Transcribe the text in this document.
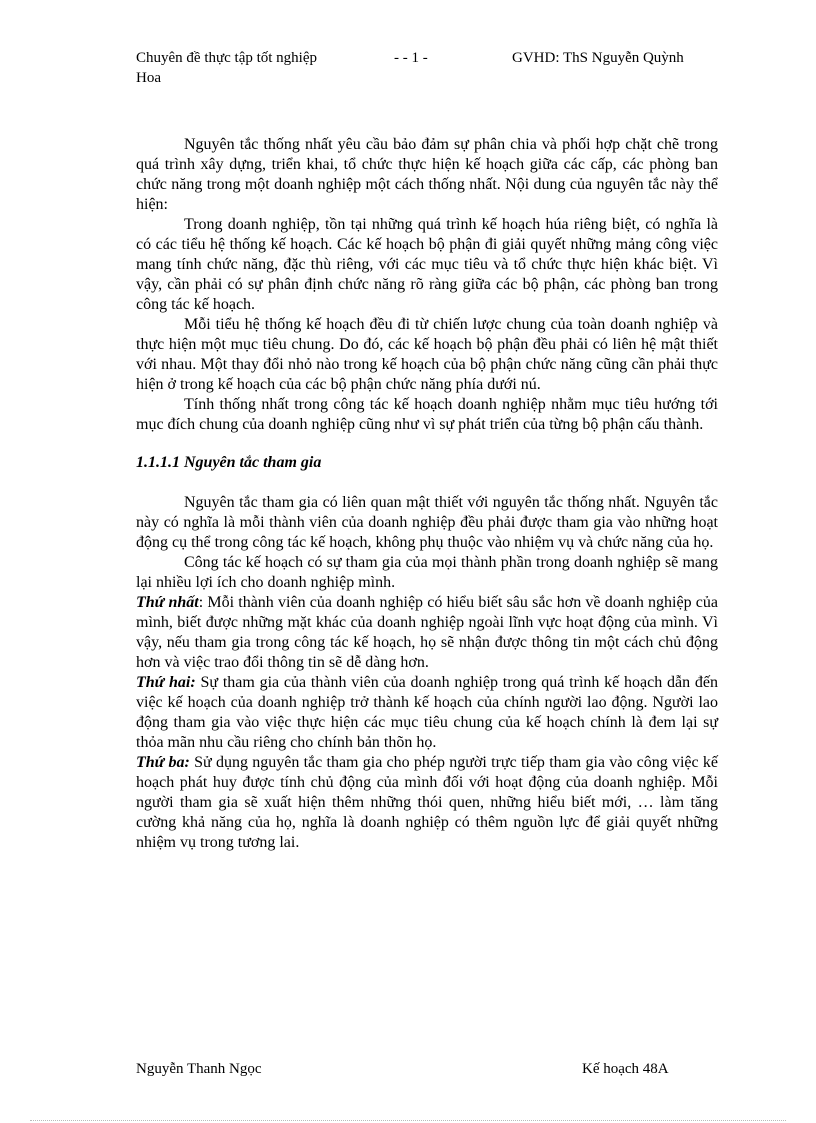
Chuyên đề thực tập tốt nghiệp	- - 1 -	GVHD: ThS Nguyễn Quỳnh
Hoa

Nguyên tắc thống nhất yêu cầu bảo đảm sự phân chia và phối hợp chặt chẽ trong quá trình xây dựng, triển khai, tổ chức thực hiện kế hoạch giữa các cấp, các phòng ban chức năng trong một doanh nghiệp một cách thống nhất. Nội dung của nguyên tắc này thể hiện:

Trong doanh nghiệp, tồn tại những quá trình kế hoạch húa riêng biệt, có nghĩa là có các tiểu hệ thống kế hoạch. Các kế hoạch bộ phận đi giải quyết những mảng công việc mang tính chức năng, đặc thù riêng, với các mục tiêu và tổ chức thực hiện khác biệt. Vì vậy, cần phải có sự phân định chức năng rõ ràng giữa các bộ phận, các phòng ban trong công tác kế hoạch.

Mỗi tiểu hệ thống kế hoạch đều đi từ chiến lược chung của toàn doanh nghiệp và thực hiện một mục tiêu chung. Do đó, các kế hoạch bộ phận đều phải có liên hệ mật thiết với nhau. Một thay đổi nhỏ nào trong kế hoạch của bộ phận chức năng cũng cần phải thực hiện ở trong kế hoạch của các bộ phận chức năng phía dưới nú.

Tính thống nhất trong công tác kế hoạch doanh nghiệp nhằm mục tiêu hướng tới mục đích chung của doanh nghiệp cũng như vì sự phát triển của từng bộ phận cấu thành.

1.1.1.1 Nguyên tắc tham gia

Nguyên tắc tham gia có liên quan mật thiết với nguyên tắc thống nhất. Nguyên tắc này có nghĩa là mỗi thành viên của doanh nghiệp đều phải được tham gia vào những hoạt động cụ thể trong công tác kế hoạch, không phụ thuộc vào nhiệm vụ và chức năng của họ.

Công tác kế hoạch có sự tham gia của mọi thành phần trong doanh nghiệp sẽ mang lại nhiều lợi ích cho doanh nghiệp mình.

Thứ nhất: Mỗi thành viên của doanh nghiệp có hiểu biết sâu sắc hơn về doanh nghiệp của mình, biết được những mặt khác của doanh nghiệp ngoài lĩnh vực hoạt động của mình. Vì vậy, nếu tham gia trong công tác kế hoạch, họ sẽ nhận được thông tin một cách chủ động hơn và việc trao đổi thông tin sẽ dễ dàng hơn.

Thứ hai: Sự tham gia của thành viên của doanh nghiệp trong quá trình kế hoạch dẫn đến việc kế hoạch của doanh nghiệp trở thành kế hoạch của chính người lao động. Người lao động tham gia vào việc thực hiện các mục tiêu chung của kế hoạch chính là đem lại sự thỏa mãn nhu cầu riêng cho chính bản thõn họ.

Thứ ba: Sử dụng nguyên tắc tham gia cho phép người trực tiếp tham gia vào công việc kế hoạch phát huy được tính chủ động của mình đối với hoạt động của doanh nghiệp. Mỗi người tham gia sẽ xuất hiện thêm những thói quen, những hiểu biết mới, … làm tăng cường khả năng của họ, nghĩa là doanh nghiệp có thêm nguồn lực để giải quyết những nhiệm vụ trong tương lai.

Nguyễn Thanh Ngọc	Kế hoạch 48A
